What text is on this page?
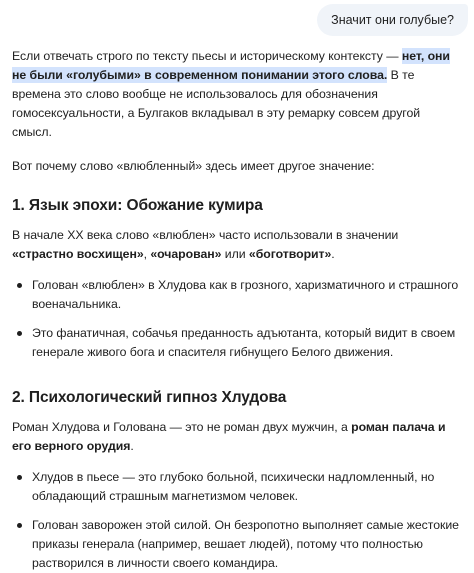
Значит они голубые?

Если отвечать строго по тексту пьесы и историческому контексту — нет, они не были «голубыми» в современном понимании этого слова. В те времена это слово вообще не использовалось для обозначения гомосексуальности, а Булгаков вкладывал в эту ремарку совсем другой смысл.

Вот почему слово «влюбленный» здесь имеет другое значение:

1. Язык эпохи: Обожание кумира

В начале XX века слово «влюблен» часто использовали в значении «страстно восхищен», «очарован» или «боготворит».

Голован «влюблен» в Хлудова как в грозного, харизматичного и страшного военачальника.
Это фанатичная, собачья преданность адъютанта, который видит в своем генерале живого бога и спасителя гибнущего Белого движения.
2. Психологический гипноз Хлудова

Роман Хлудова и Голована — это не роман двух мужчин, а роман палача и его верного орудия.

Хлудов в пьесе — это глубоко больной, психически надломленный, но обладающий страшным магнетизмом человек.
Голован заворожен этой силой. Он безропотно выполняет самые жестокие приказы генерала (например, вешает людей), потому что полностью растворился в личности своего командира.
